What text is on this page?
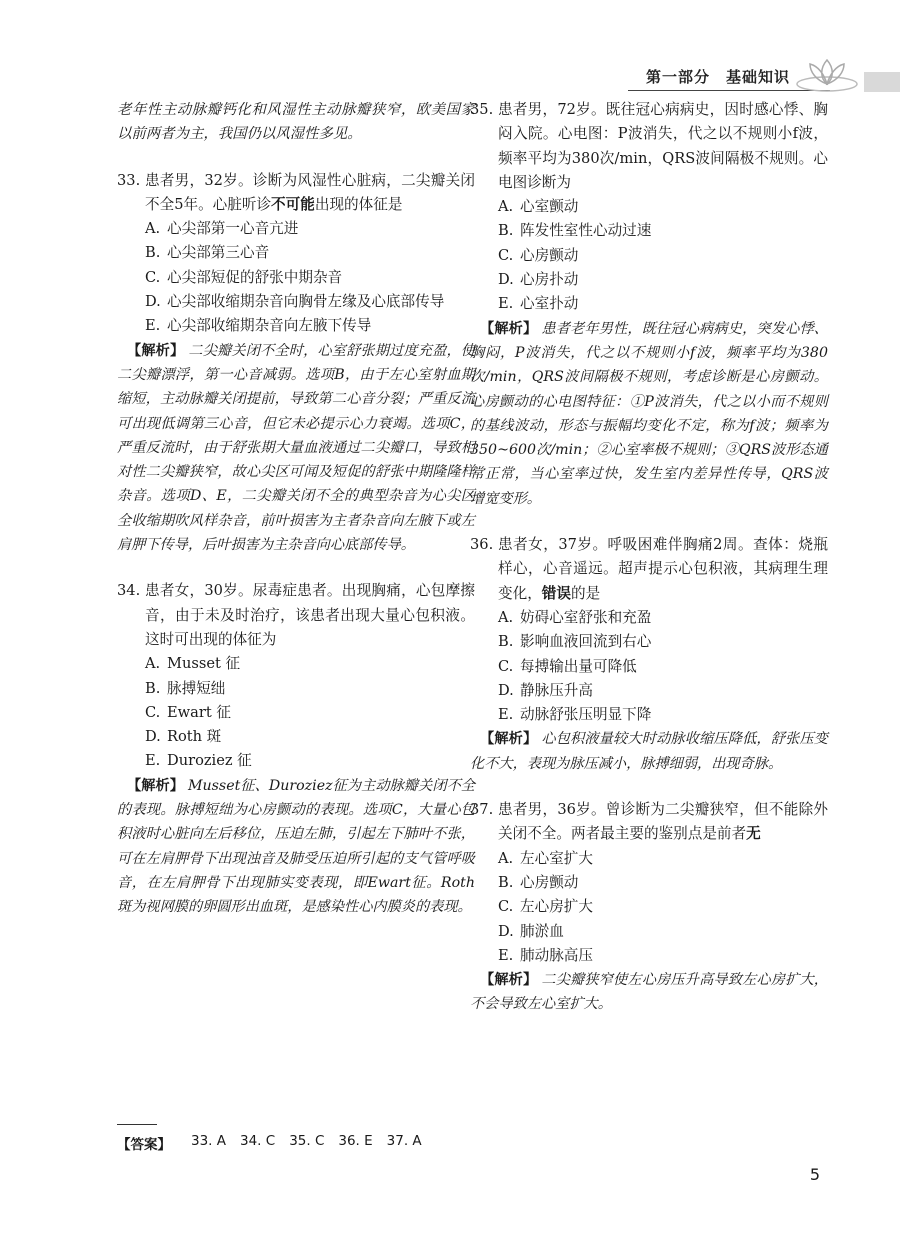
第一部分　基础知识

老年性主动脉瓣钙化和风湿性主动脉瓣狭窄，欧美国家以前两者为主，我国仍以风湿性多见。

33. 患者男，32岁。诊断为风湿性心脏病，二尖瓣关闭不全5年。心脏听诊不可能出现的体征是
A. 心尖部第一心音亢进
B. 心尖部第三心音
C. 心尖部短促的舒张中期杂音
D. 心尖部收缩期杂音向胸骨左缘及心底部传导
E. 心尖部收缩期杂音向左腋下传导

【解析】 二尖瓣关闭不全时，心室舒张期过度充盈，使二尖瓣漂浮，第一心音减弱。选项B，由于左心室射血期缩短，主动脉瓣关闭提前，导致第二心音分裂；严重反流可出现低调第三心音，但它未必提示心力衰竭。选项C，严重反流时，由于舒张期大量血液通过二尖瓣口，导致相对性二尖瓣狭窄，故心尖区可闻及短促的舒张中期隆隆样杂音。选项D、E，二尖瓣关闭不全的典型杂音为心尖区全收缩期吹风样杂音，前叶损害为主者杂音向左腋下或左肩胛下传导，后叶损害为主杂音向心底部传导。

34. 患者女，30岁。尿毒症患者。出现胸痛，心包摩擦音，由于未及时治疗，该患者出现大量心包积液。这时可出现的体征为
A. Musset 征
B. 脉搏短绌
C. Ewart 征
D. Roth 斑
E. Duroziez 征

【解析】 Musset征、Duroziez征为主动脉瓣关闭不全的表现。脉搏短绌为心房颤动的表现。选项C，大量心包积液时心脏向左后移位，压迫左肺，引起左下肺叶不张，可在左肩胛骨下出现浊音及肺受压迫所引起的支气管呼吸音，在左肩胛骨下出现肺实变表现，即Ewart征。Roth斑为视网膜的卵圆形出血斑，是感染性心内膜炎的表现。

35. 患者男，72岁。既往冠心病病史，因时感心悸、胸闷入院。心电图：P波消失，代之以不规则小f波，频率平均为380次/min，QRS波间隔极不规则。心电图诊断为
A. 心室颤动
B. 阵发性室性心动过速
C. 心房颤动
D. 心房扑动
E. 心室扑动

【解析】 患者老年男性，既往冠心病病史，突发心悸、胸闷，P波消失，代之以不规则小f波，频率平均为380次/min，QRS波间隔极不规则，考虑诊断是心房颤动。心房颤动的心电图特征：①P波消失，代之以小而不规则的基线波动，形态与振幅均变化不定，称为f波；频率为350~600次/min；②心室率极不规则；③QRS波形态通常正常，当心室率过快，发生室内差异性传导，QRS波增宽变形。

36. 患者女，37岁。呼吸困难伴胸痛2周。查体：烧瓶样心，心音遥远。超声提示心包积液，其病理生理变化，错误的是
A. 妨碍心室舒张和充盈
B. 影响血液回流到右心
C. 每搏输出量可降低
D. 静脉压升高
E. 动脉舒张压明显下降

【解析】 心包积液量较大时动脉收缩压降低，舒张压变化不大，表现为脉压减小，脉搏细弱，出现奇脉。

37. 患者男，36岁。曾诊断为二尖瓣狭窄，但不能除外关闭不全。两者最主要的鉴别点是前者无
A. 左心室扩大
B. 心房颤动
C. 左心房扩大
D. 肺淤血
E. 肺动脉高压

【解析】 二尖瓣狭窄使左心房压升高导致左心房扩大，不会导致左心室扩大。

【答案】 33. A 34. C 35. C 36. E 37. A
5
